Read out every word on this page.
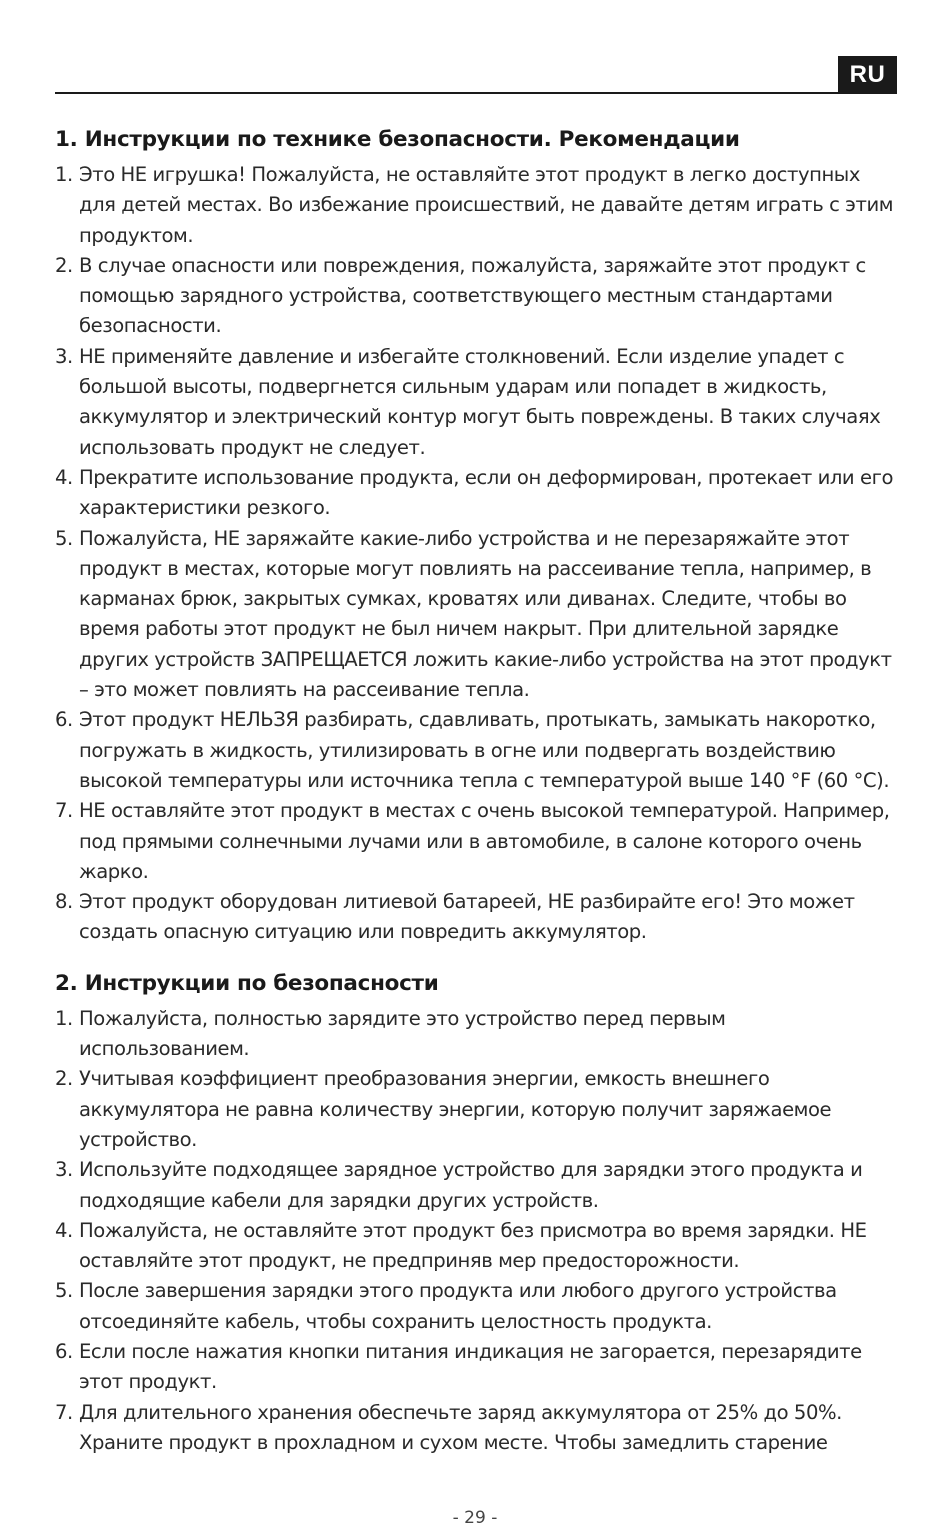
RU
1. Инструкции по технике безопасности. Рекомендации
1. Это НЕ игрушка! Пожалуйста, не оставляйте этот продукт в легко доступных для детей местах. Во избежание происшествий, не давайте детям играть с этим продуктом.
2. В случае опасности или повреждения, пожалуйста, заряжайте этот продукт с помощью зарядного устройства, соответствующего местным стандартами безопасности.
3. НЕ применяйте давление и избегайте столкновений. Если изделие упадет с большой высоты, подвергнется сильным ударам или попадет в жидкость, аккумулятор и электрический контур могут быть повреждены. В таких случаях использовать продукт не следует.
4. Прекратите использование продукта, если он деформирован, протекает или его характеристики резкого.
5. Пожалуйста, НЕ заряжайте какие-либо устройства и не перезаряжайте этот продукт в местах, которые могут повлиять на рассеивание тепла, например, в карманах брюк, закрытых сумках, кроватях или диванах. Следите, чтобы во время работы этот продукт не был ничем накрыт. При длительной зарядке других устройств ЗАПРЕЩАЕТСЯ ложить какие-либо устройства на этот продукт – это может повлиять на рассеивание тепла.
6. Этот продукт НЕЛЬЗЯ разбирать, сдавливать, протыкать, замыкать накоротко, погружать в жидкость, утилизировать в огне или подвергать воздействию высокой температуры или источника тепла с температурой выше 140 °F (60 °C).
7. НЕ оставляйте этот продукт в местах с очень высокой температурой. Например, под прямыми солнечными лучами или в автомобиле, в салоне которого очень жарко.
8. Этот продукт оборудован литиевой батареей, НЕ разбирайте его! Это может создать опасную ситуацию или повредить аккумулятор.
2. Инструкции по безопасности
1. Пожалуйста, полностью зарядите это устройство перед первым использованием.
2. Учитывая коэффициент преобразования энергии, емкость внешнего аккумулятора не равна количеству энергии, которую получит заряжаемое устройство.
3. Используйте подходящее зарядное устройство для зарядки этого продукта и подходящие кабели для зарядки других устройств.
4. Пожалуйста, не оставляйте этот продукт без присмотра во время зарядки. НЕ оставляйте этот продукт, не предприняв мер предосторожности.
5. После завершения зарядки этого продукта или любого другого устройства отсоединяйте кабель, чтобы сохранить целостность продукта.
6. Если после нажатия кнопки питания индикация не загорается, перезарядите этот продукт.
7. Для длительного хранения обеспечьте заряд аккумулятора от 25% до 50%. Храните продукт в прохладном и сухом месте. Чтобы замедлить старение
- 29 -
